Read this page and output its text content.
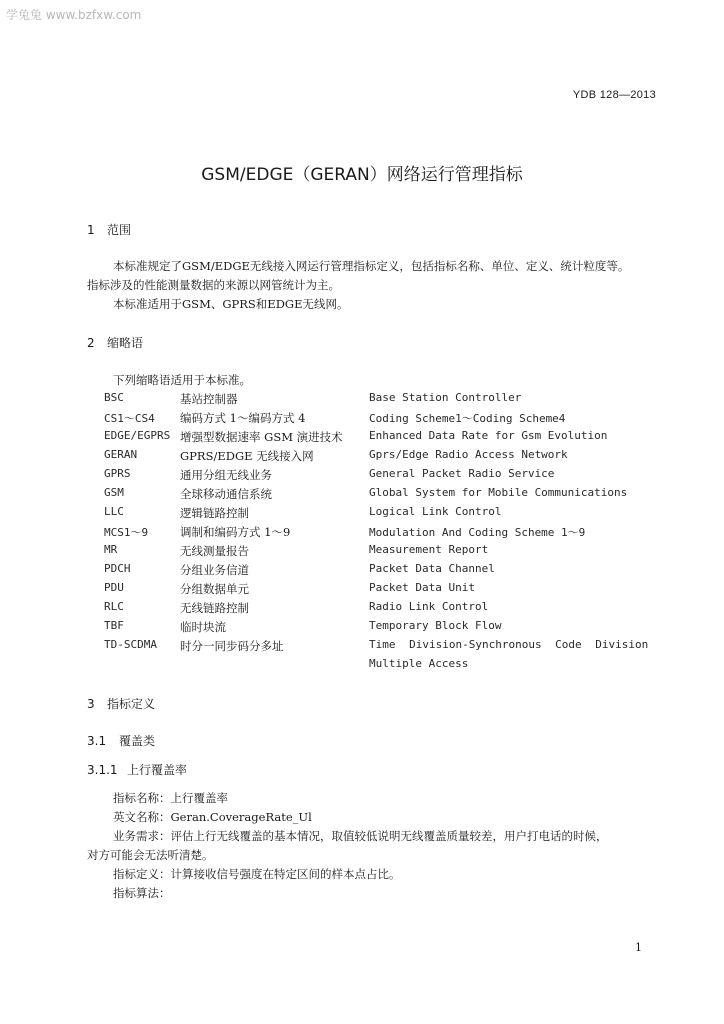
学兔兔 www.bzfxw.com
YDB 128—2013
GSM/EDGE（GERAN）网络运行管理指标
1 范围
本标准规定了GSM/EDGE无线接入网运行管理指标定义，包括指标名称、单位、定义、统计粒度等。
指标涉及的性能测量数据的来源以网管统计为主。
本标准适用于GSM、GPRS和EDGE无线网。
2 缩略语
下列缩略语适用于本标准。
BSC	基站控制器	Base Station Controller
CS1～CS4 编码方式 1～编码方式 4	Coding Scheme1～Coding Scheme4
EDGE/EGPRS 增强型数据速率 GSM 演进技术 Enhanced Data Rate for Gsm Evolution
GERAN	GPRS/EDGE 无线接入网	Gprs/Edge Radio Access Network
GPRS	通用分组无线业务	General Packet Radio Service
GSM	全球移动通信系统	Global System for Mobile Communications
LLC	逻辑链路控制	Logical Link Control
MCS1～9	调制和编码方式 1～9	Modulation And Coding Scheme 1～9
MR	无线测量报告	Measurement Report
PDCH	分组业务信道	Packet Data Channel
PDU	分组数据单元	Packet Data Unit
RLC	无线链路控制	Radio Link Control
TBF	临时块流	Temporary Block Flow
TD-SCDMA 时分一同步码分多址	Time Division-Synchronous Code Division
Multiple Access
3 指标定义
3.1 覆盖类
3.1.1 上行覆盖率
指标名称：上行覆盖率
英文名称：Geran.CoverageRate_Ul
业务需求：评估上行无线覆盖的基本情况，取值较低说明无线覆盖质量较差，用户打电话的时候，
对方可能会无法听清楚。
指标定义：计算接收信号强度在特定区间的样本点占比。
指标算法：
1
